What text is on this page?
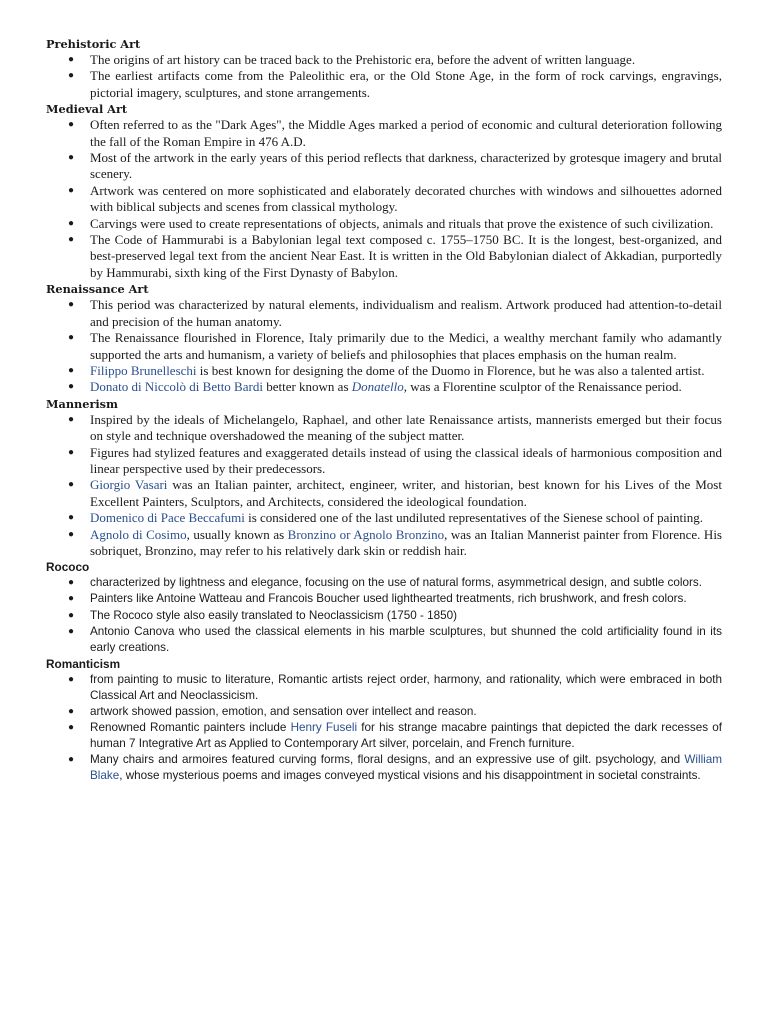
Prehistoric Art
● The origins of art history can be traced back to the Prehistoric era, before the advent of written language.
● The earliest artifacts come from the Paleolithic era, or the Old Stone Age, in the form of rock carvings, engravings, pictorial imagery, sculptures, and stone arrangements.
Medieval Art
● Often referred to as the "Dark Ages", the Middle Ages marked a period of economic and cultural deterioration following the fall of the Roman Empire in 476 A.D.
● Most of the artwork in the early years of this period reflects that darkness, characterized by grotesque imagery and brutal scenery.
● Artwork was centered on more sophisticated and elaborately decorated churches with windows and silhouettes adorned with biblical subjects and scenes from classical mythology.
● Carvings were used to create representations of objects, animals and rituals that prove the existence of such civilization.
● The Code of Hammurabi is a Babylonian legal text composed c. 1755–1750 BC. It is the longest, best-organized, and best-preserved legal text from the ancient Near East. It is written in the Old Babylonian dialect of Akkadian, purportedly by Hammurabi, sixth king of the First Dynasty of Babylon.
Renaissance Art
● This period was characterized by natural elements, individualism and realism. Artwork produced had attention-to-detail and precision of the human anatomy.
● The Renaissance flourished in Florence, Italy primarily due to the Medici, a wealthy merchant family who adamantly supported the arts and humanism, a variety of beliefs and philosophies that places emphasis on the human realm.
● Filippo Brunelleschi is best known for designing the dome of the Duomo in Florence, but he was also a talented artist.
● Donato di Niccolò di Betto Bardi better known as Donatello, was a Florentine sculptor of the Renaissance period.
Mannerism
● Inspired by the ideals of Michelangelo, Raphael, and other late Renaissance artists, mannerists emerged but their focus on style and technique overshadowed the meaning of the subject matter.
● Figures had stylized features and exaggerated details instead of using the classical ideals of harmonious composition and linear perspective used by their predecessors.
● Giorgio Vasari was an Italian painter, architect, engineer, writer, and historian, best known for his Lives of the Most Excellent Painters, Sculptors, and Architects, considered the ideological foundation.
● Domenico di Pace Beccafumi is considered one of the last undiluted representatives of the Sienese school of painting.
● Agnolo di Cosimo, usually known as Bronzino or Agnolo Bronzino, was an Italian Mannerist painter from Florence. His sobriquet, Bronzino, may refer to his relatively dark skin or reddish hair.
Rococo
● characterized by lightness and elegance, focusing on the use of natural forms, asymmetrical design, and subtle colors.
● Painters like Antoine Watteau and Francois Boucher used lighthearted treatments, rich brushwork, and fresh colors.
● The Rococo style also easily translated to Neoclassicism (1750 - 1850)
● Antonio Canova who used the classical elements in his marble sculptures, but shunned the cold artificiality found in its early creations.
Romanticism
● from painting to music to literature, Romantic artists reject order, harmony, and rationality, which were embraced in both Classical Art and Neoclassicism.
● artwork showed passion, emotion, and sensation over intellect and reason.
● Renowned Romantic painters include Henry Fuseli for his strange macabre paintings that depicted the dark recesses of human 7 Integrative Art as Applied to Contemporary Art silver, porcelain, and French furniture.
● Many chairs and armoires featured curving forms, floral designs, and an expressive use of gilt. psychology, and William Blake, whose mysterious poems and images conveyed mystical visions and his disappointment in societal constraints.
